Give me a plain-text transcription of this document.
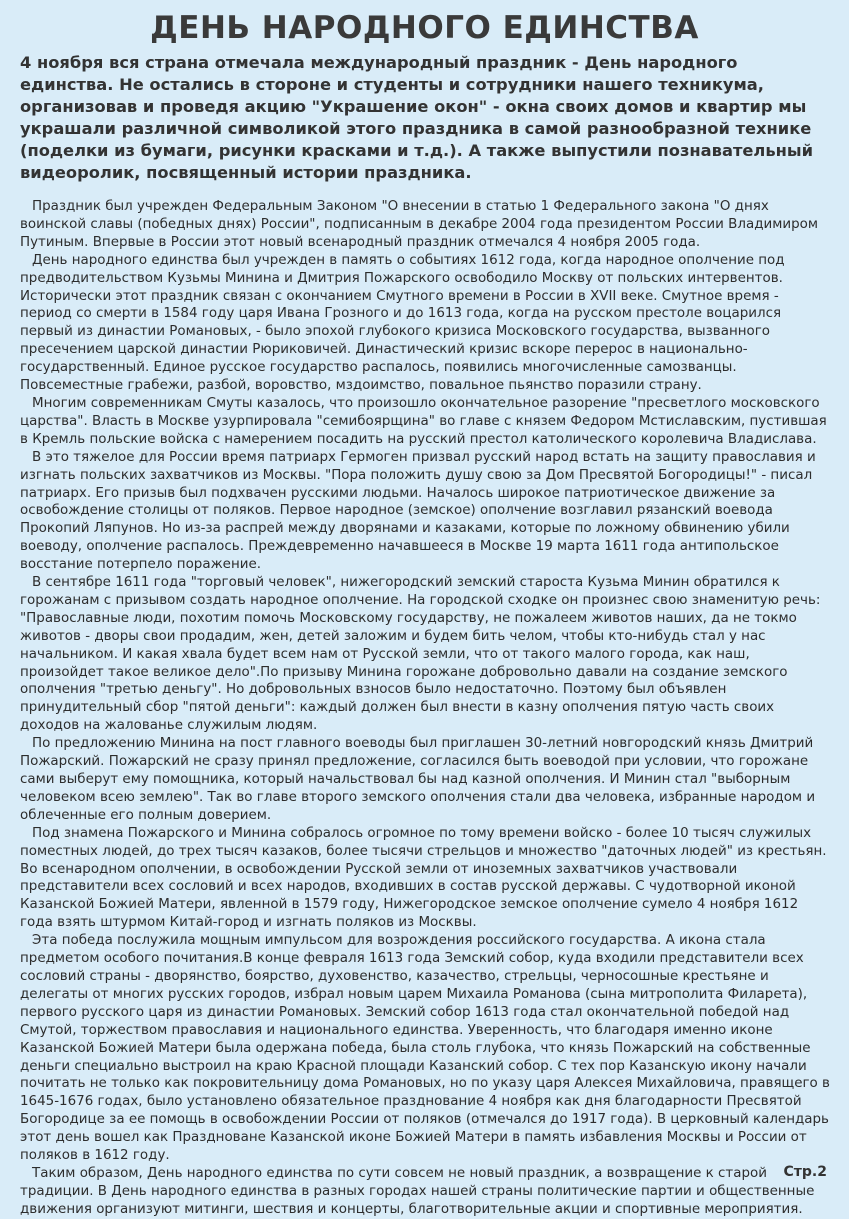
ДЕНЬ НАРОДНОГО ЕДИНСТВА

4 ноября вся страна отмечала международный праздник - День народного единства. Не остались в стороне и студенты и сотрудники нашего техникума, организовав и проведя акцию "Украшение окон" - окна своих домов и квартир мы украшали различной символикой этого праздника в самой разнообразной технике (поделки из бумаги, рисунки красками и т.д.). А также выпустили познавательный видеоролик, посвященный истории праздника.

Праздник был учрежден Федеральным Законом "О внесении в статью 1 Федерального закона "О днях воинской славы (победных днях) России", подписанным в декабре 2004 года президентом России Владимиром Путиным. Впервые в России этот новый всенародный праздник отмечался 4 ноября 2005 года.

День народного единства был учрежден в память о событиях 1612 года, когда народное ополчение под предводительством Кузьмы Минина и Дмитрия Пожарского освободило Москву от польских интервентов. Исторически этот праздник связан с окончанием Смутного времени в России в XVII веке. Смутное время - период со смерти в 1584 году царя Ивана Грозного и до 1613 года, когда на русском престоле воцарился первый из династии Романовых, - было эпохой глубокого кризиса Московского государства, вызванного пресечением царской династии Рюриковичей. Династический кризис вскоре перерос в национально-государственный. Единое русское государство распалось, появились многочисленные самозванцы. Повсеместные грабежи, разбой, воровство, мздоимство, повальное пьянство поразили страну.

Многим современникам Смуты казалось, что произошло окончательное разорение "пресветлого московского царства". Власть в Москве узурпировала "семибоярщина" во главе с князем Федором Мстиславским, пустившая в Кремль польские войска с намерением посадить на русский престол католического королевича Владислава.

В это тяжелое для России время патриарх Гермоген призвал русский народ встать на защиту православия и изгнать польских захватчиков из Москвы. "Пора положить душу свою за Дом Пресвятой Богородицы!" - писал патриарх. Его призыв был подхвачен русскими людьми. Началось широкое патриотическое движение за освобождение столицы от поляков. Первое народное (земское) ополчение возглавил рязанский воевода Прокопий Ляпунов. Но из-за распрей между дворянами и казаками, которые по ложному обвинению убили воеводу, ополчение распалось. Преждевременно начавшееся в Москве 19 марта 1611 года антипольское восстание потерпело поражение.

В сентябре 1611 года "торговый человек", нижегородский земский староста Кузьма Минин обратился к горожанам с призывом создать народное ополчение. На городской сходке он произнес свою знаменитую речь: "Православные люди, похотим помочь Московскому государству, не пожалеем животов наших, да не токмо животов - дворы свои продадим, жен, детей заложим и будем бить челом, чтобы кто-нибудь стал у нас начальником. И какая хвала будет всем нам от Русской земли, что от такого малого города, как наш, произойдет такое великое дело".По призыву Минина горожане добровольно давали на создание земского ополчения "третью деньгу". Но добровольных взносов было недостаточно. Поэтому был объявлен принудительный сбор "пятой деньги": каждый должен был внести в казну ополчения пятую часть своих доходов на жалованье служилым людям.

По предложению Минина на пост главного воеводы был приглашен 30-летний новгородский князь Дмитрий Пожарский. Пожарский не сразу принял предложение, согласился быть воеводой при условии, что горожане сами выберут ему помощника, который начальствовал бы над казной ополчения. И Минин стал "выборным человеком всею землею". Так во главе второго земского ополчения стали два человека, избранные народом и облеченные его полным доверием.

Под знамена Пожарского и Минина собралось огромное по тому времени войско - более 10 тысяч служилых поместных людей, до трех тысяч казаков, более тысячи стрельцов и множество "даточных людей" из крестьян. Во всенародном ополчении, в освобождении Русской земли от иноземных захватчиков участвовали представители всех сословий и всех народов, входивших в состав русской державы. С чудотворной иконой Казанской Божией Матери, явленной в 1579 году, Нижегородское земское ополчение сумело 4 ноября 1612 года взять штурмом Китай-город и изгнать поляков из Москвы.

Эта победа послужила мощным импульсом для возрождения российского государства. А икона стала предметом особого почитания.В конце февраля 1613 года Земский собор, куда входили представители всех сословий страны - дворянство, боярство, духовенство, казачество, стрельцы, черносошные крестьяне и делегаты от многих русских городов, избрал новым царем Михаила Романова (сына митрополита Филарета), первого русского царя из династии Романовых. Земский собор 1613 года стал окончательной победой над Смутой, торжеством православия и национального единства. Уверенность, что благодаря именно иконе Казанской Божией Матери была одержана победа, была столь глубока, что князь Пожарский на собственные деньги специально выстроил на краю Красной площади Казанский собор. С тех пор Казанскую икону начали почитать не только как покровительницу дома Романовых, но по указу царя Алексея Михайловича, правящего в 1645-1676 годах, было установлено обязательное празднование 4 ноября как дня благодарности Пресвятой Богородице за ее помощь в освобождении России от поляков (отмечался до 1917 года). В церковный календарь этот день вошел как Праздноване Казанской иконе Божией Матери в память избавления Москвы и России от поляков в 1612 году.

Таким образом, День народного единства по сути совсем не новый праздник, а возвращение к старой традиции. В День народного единства в разных городах нашей страны политические партии и общественные движения организуют митинги, шествия и концерты, благотворительные акции и спортивные мероприятия.

Стр.2
